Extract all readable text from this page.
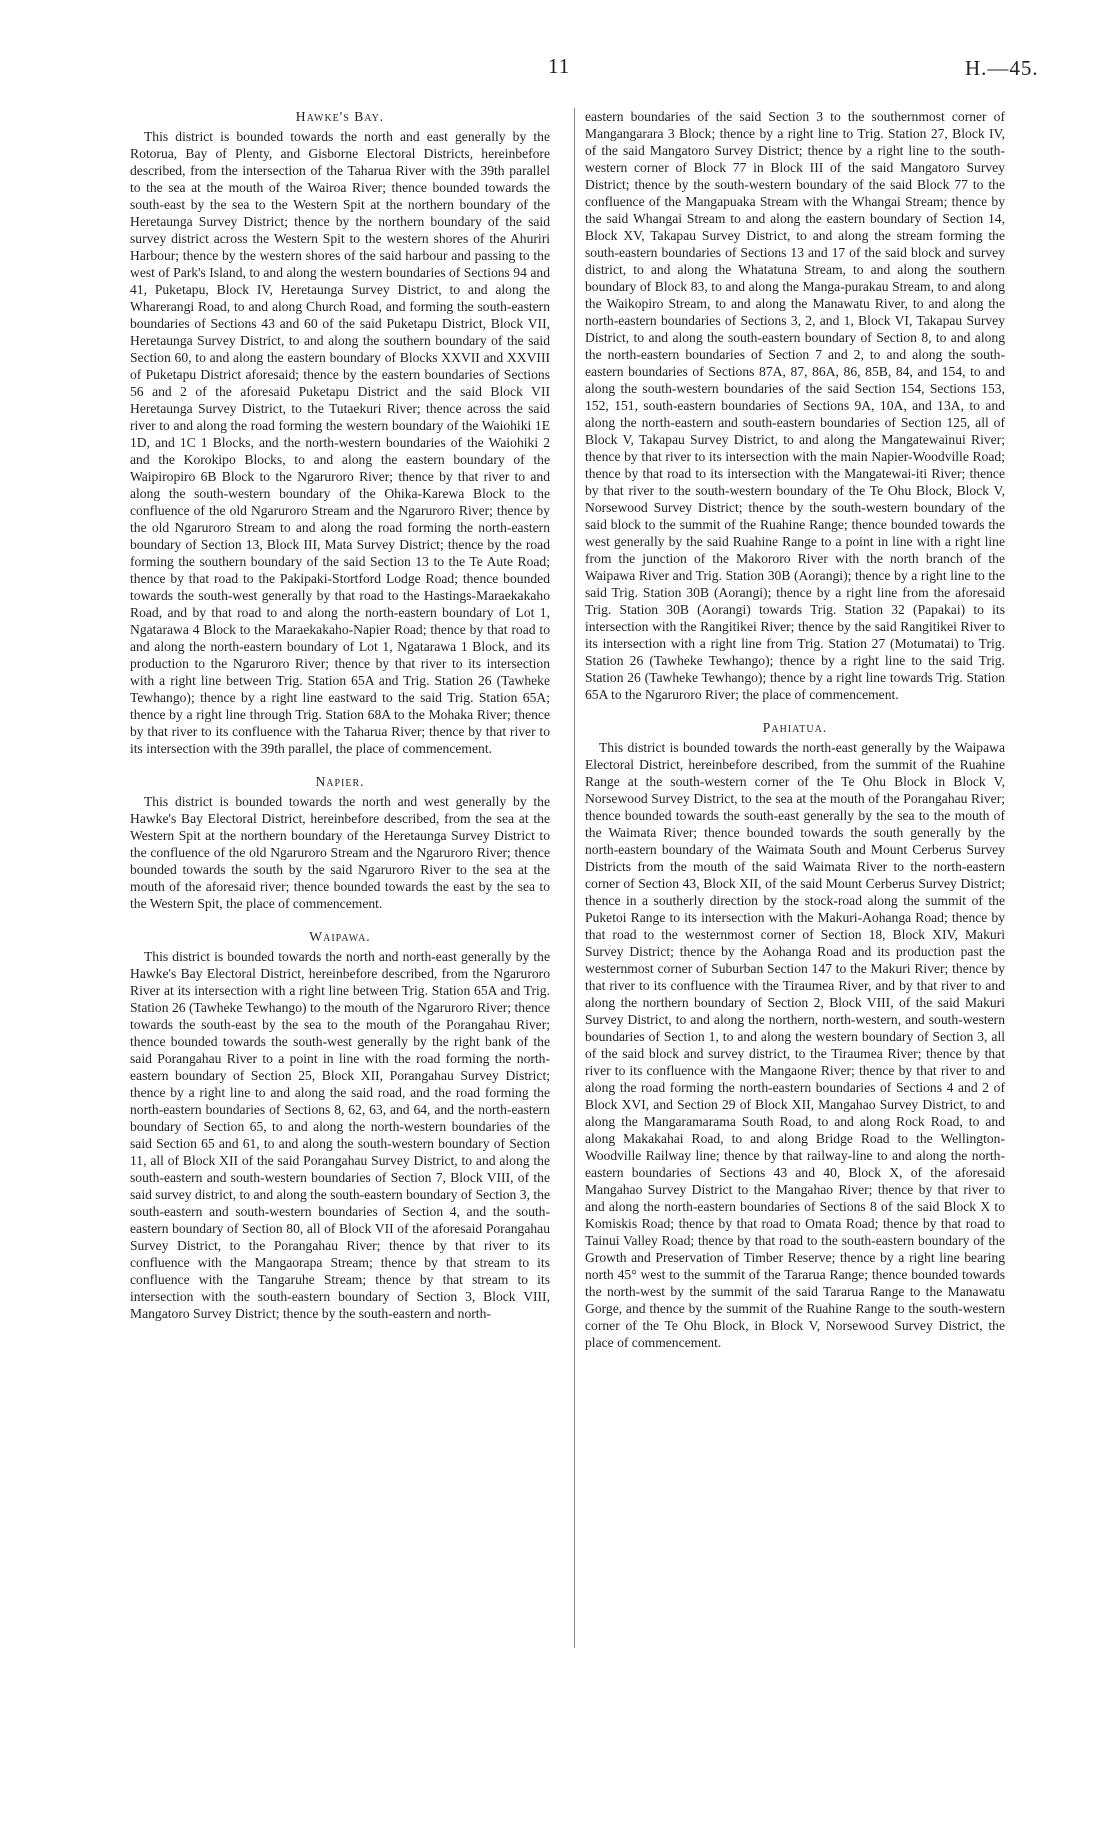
11	H.—45.
Hawke's Bay.

This district is bounded towards the north and east generally by the Rotorua, Bay of Plenty, and Gisborne Electoral Districts, hereinbefore described, from the intersection of the Taharua River with the 39th parallel to the sea at the mouth of the Wairoa River; thence bounded towards the south-east by the sea to the Western Spit at the northern boundary of the Heretaunga Survey District; thence by the northern boundary of the said survey district across the Western Spit to the western shores of the Ahuriri Harbour; thence by the western shores of the said harbour and passing to the west of Park's Island, to and along the western boundaries of Sections 94 and 41, Puketapu, Block IV, Heretaunga Survey District, to and along the Wharerangi Road, to and along Church Road, and forming the south-eastern boundaries of Sections 43 and 60 of the said Puketapu District, Block VII, Heretaunga Survey District, to and along the southern boundary of the said Section 60, to and along the eastern boundary of Blocks XXVII and XXVIII of Puketapu District aforesaid; thence by the eastern boundaries of Sections 56 and 2 of the aforesaid Puketapu District and the said Block VII Heretaunga Survey District, to the Tutaekuri River; thence across the said river to and along the road forming the western boundary of the Waiohiki 1E 1D, and 1C 1 Blocks, and the north-western boundaries of the Waiohiki 2 and the Korokipo Blocks, to and along the eastern boundary of the Waipiropiro 6B Block to the Ngaruroro River; thence by that river to and along the south-western boundary of the Ohika-Karewa Block to the confluence of the old Ngaruroro Stream and the Ngaruroro River; thence by the old Ngaruroro Stream to and along the road forming the north-eastern boundary of Section 13, Block III, Mata Survey District; thence by the road forming the southern boundary of the said Section 13 to the Te Aute Road; thence by that road to the Pakipaki-Stortford Lodge Road; thence bounded towards the south-west generally by that road to the Hastings-Maraekakaho Road, and by that road to and along the north-eastern boundary of Lot 1, Ngatarawa 4 Block to the Maraekakaho-Napier Road; thence by that road to and along the north-eastern boundary of Lot 1, Ngatarawa 1 Block, and its production to the Ngaruroro River; thence by that river to its intersection with a right line between Trig. Station 65A and Trig. Station 26 (Tawheke Tewhango); thence by a right line eastward to the said Trig. Station 65A; thence by a right line through Trig. Station 68A to the Mohaka River; thence by that river to its confluence with the Taharua River; thence by that river to its intersection with the 39th parallel, the place of commencement.

Napier.

This district is bounded towards the north and west generally by the Hawke's Bay Electoral District, hereinbefore described, from the sea at the Western Spit at the northern boundary of the Heretaunga Survey District to the confluence of the old Ngaruroro Stream and the Ngaruroro River; thence bounded towards the south by the said Ngaruroro River to the sea at the mouth of the aforesaid river; thence bounded towards the east by the sea to the Western Spit, the place of commencement.

Waipawa.

This district is bounded towards the north and north-east generally by the Hawke's Bay Electoral District, hereinbefore described, from the Ngaruroro River at its intersection with a right line between Trig. Station 65A and Trig. Station 26 (Tawheke Tewhango) to the mouth of the Ngaruroro River; thence towards the south-east by the sea to the mouth of the Porangahau River; thence bounded towards the south-west generally by the right bank of the said Porangahau River to a point in line with the road forming the north-eastern boundary of Section 25, Block XII, Porangahau Survey District; thence by a right line to and along the said road, and the road forming the north-eastern boundaries of Sections 8, 62, 63, and 64, and the north-eastern boundary of Section 65, to and along the north-western boundaries of the said Section 65 and 61, to and along the south-western boundary of Section 11, all of Block XII of the said Porangahau Survey District, to and along the south-eastern and south-western boundaries of Section 7, Block VIII, of the said survey district, to and along the south-eastern boundary of Section 3, the south-eastern and south-western boundaries of Section 4, and the south-eastern boundary of Section 80, all of Block VII of the aforesaid Porangahau Survey District, to the Porangahau River; thence by that river to its confluence with the Mangaorapa Stream; thence by that stream to its confluence with the Tangaruhe Stream; thence by that stream to its intersection with the south-eastern boundary of Section 3, Block VIII, Mangatoro Survey District; thence by the south-eastern and north-

eastern boundaries of the said Section 3 to the southernmost corner of Mangangarara 3 Block; thence by a right line to Trig. Station 27, Block IV, of the said Mangatoro Survey District; thence by a right line to the south-western corner of Block 77 in Block III of the said Mangatoro Survey District; thence by the south-western boundary of the said Block 77 to the confluence of the Mangapuaka Stream with the Whangai Stream; thence by the said Whangai Stream to and along the eastern boundary of Section 14, Block XV, Takapau Survey District, to and along the stream forming the south-eastern boundaries of Sections 13 and 17 of the said block and survey district, to and along the Whatatuna Stream, to and along the southern boundary of Block 83, to and along the Manga-purakau Stream, to and along the Waikopiro Stream, to and along the Manawatu River, to and along the north-eastern boundaries of Sections 3, 2, and 1, Block VI, Takapau Survey District, to and along the south-eastern boundary of Section 8, to and along the north-eastern boundaries of Section 7 and 2, to and along the south-eastern boundaries of Sections 87A, 87, 86A, 86, 85B, 84, and 154, to and along the south-western boundaries of the said Section 154, Sections 153, 152, 151, south-eastern boundaries of Sections 9A, 10A, and 13A, to and along the north-eastern and south-eastern boundaries of Section 125, all of Block V, Takapau Survey District, to and along the Mangatewainui River; thence by that river to its intersection with the main Napier-Woodville Road; thence by that road to its intersection with the Mangatewai-iti River; thence by that river to the south-western boundary of the Te Ohu Block, Block V, Norsewood Survey District; thence by the south-western boundary of the said block to the summit of the Ruahine Range; thence bounded towards the west generally by the said Ruahine Range to a point in line with a right line from the junction of the Makororo River with the north branch of the Waipawa River and Trig. Station 30B (Aorangi); thence by a right line to the said Trig. Station 30B (Aorangi); thence by a right line from the aforesaid Trig. Station 30B (Aorangi) towards Trig. Station 32 (Papakai) to its intersection with the Rangitikei River; thence by the said Rangitikei River to its intersection with a right line from Trig. Station 27 (Motumatai) to Trig. Station 26 (Tawheke Tewhango); thence by a right line to the said Trig. Station 26 (Tawheke Tewhango); thence by a right line towards Trig. Station 65A to the Ngaruroro River; the place of commencement.

Pahiatua.

This district is bounded towards the north-east generally by the Waipawa Electoral District, hereinbefore described, from the summit of the Ruahine Range at the south-western corner of the Te Ohu Block in Block V, Norsewood Survey District, to the sea at the mouth of the Porangahau River; thence bounded towards the south-east generally by the sea to the mouth of the Waimata River; thence bounded towards the south generally by the north-eastern boundary of the Waimata South and Mount Cerberus Survey Districts from the mouth of the said Waimata River to the north-eastern corner of Section 43, Block XII, of the said Mount Cerberus Survey District; thence in a southerly direction by the stock-road along the summit of the Puketoi Range to its intersection with the Makuri-Aohanga Road; thence by that road to the westernmost corner of Section 18, Block XIV, Makuri Survey District; thence by the Aohanga Road and its production past the westernmost corner of Suburban Section 147 to the Makuri River; thence by that river to its confluence with the Tiraumea River, and by that river to and along the northern boundary of Section 2, Block VIII, of the said Makuri Survey District, to and along the northern, north-western, and south-western boundaries of Section 1, to and along the western boundary of Section 3, all of the said block and survey district, to the Tiraumea River; thence by that river to its confluence with the Mangaone River; thence by that river to and along the road forming the north-eastern boundaries of Sections 4 and 2 of Block XVI, and Section 29 of Block XII, Mangahao Survey District, to and along the Mangaramarama South Road, to and along Rock Road, to and along Makakahai Road, to and along Bridge Road to the Wellington-Woodville Railway line; thence by that railway-line to and along the north-eastern boundaries of Sections 43 and 40, Block X, of the aforesaid Mangahao Survey District to the Mangahao River; thence by that river to and along the north-eastern boundaries of Sections 8 of the said Block X to Komiskis Road; thence by that road to Omata Road; thence by that road to Tainui Valley Road; thence by that road to the south-eastern boundary of the Growth and Preservation of Timber Reserve; thence by a right line bearing north 45° west to the summit of the Tararua Range; thence bounded towards the north-west by the summit of the said Tararua Range to the Manawatu Gorge, and thence by the summit of the Ruahine Range to the south-western corner of the Te Ohu Block, in Block V, Norsewood Survey District, the place of commencement.
